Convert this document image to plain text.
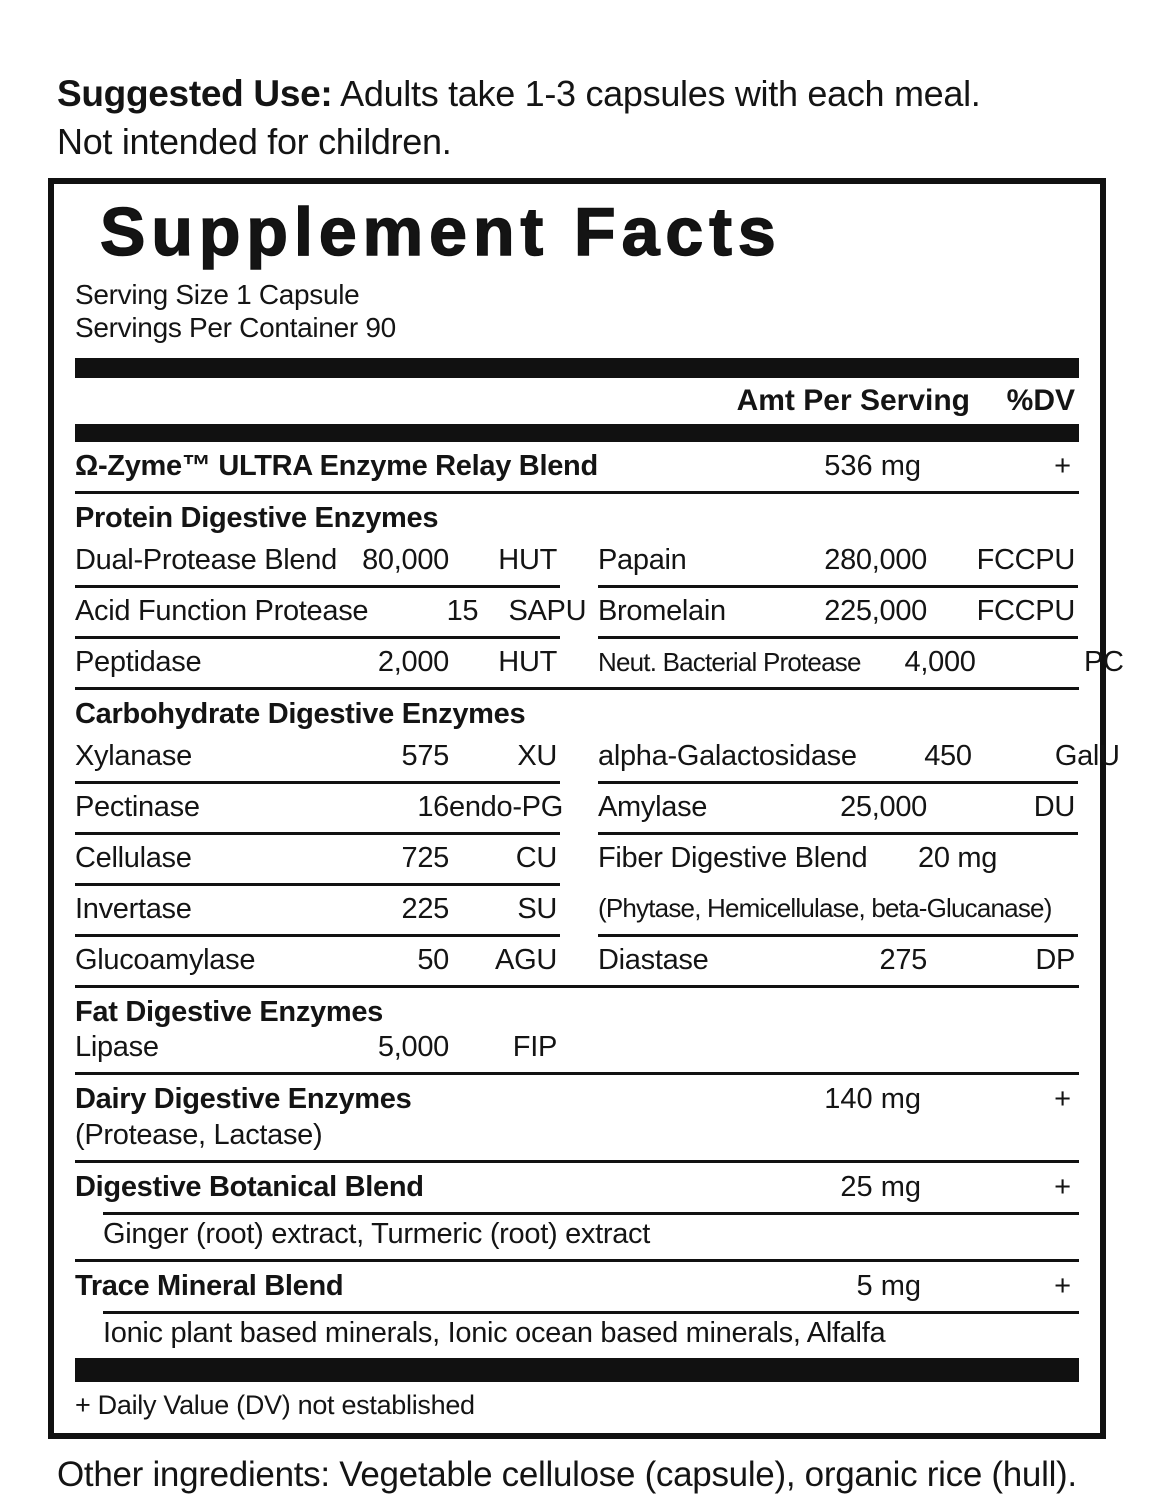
Suggested Use: Adults take 1-3 capsules with each meal.
Not intended for children.
Supplement Facts
Serving Size 1 Capsule
Servings Per Container 90
Amt Per Serving	%DV
Ω-Zyme™ ULTRA Enzyme Relay Blend	536 mg	+
Protein Digestive Enzymes
Dual-Protease Blend 80,000	HUT Papain	280,000	FCCPU
Acid Function Protease	15	SAPU Bromelain	225,000	FCCPU
Peptidase	2,000	HUT Neut. Bacterial Protease	4,000	PC
Carbohydrate Digestive Enzymes
Xylanase	575	XU alpha-Galactosidase	450	GalU
Pectinase	16 endo-PG Amylase	25,000	DU
Cellulase	725	CU Fiber Digestive Blend	20 mg
Invertase	225	SU (Phytase, Hemicellulase, beta-Glucanase)
Glucoamylase	50	AGU Diastase	275	DP
Fat Digestive Enzymes
Lipase	5,000	FIP
Dairy Digestive Enzymes	140 mg	+
(Protease, Lactase)
Digestive Botanical Blend	25 mg	+
Ginger (root) extract, Turmeric (root) extract
Trace Mineral Blend	5 mg	+
Ionic plant based minerals, Ionic ocean based minerals, Alfalfa
+ Daily Value (DV) not established
Other ingredients: Vegetable cellulose (capsule), organic rice (hull).
